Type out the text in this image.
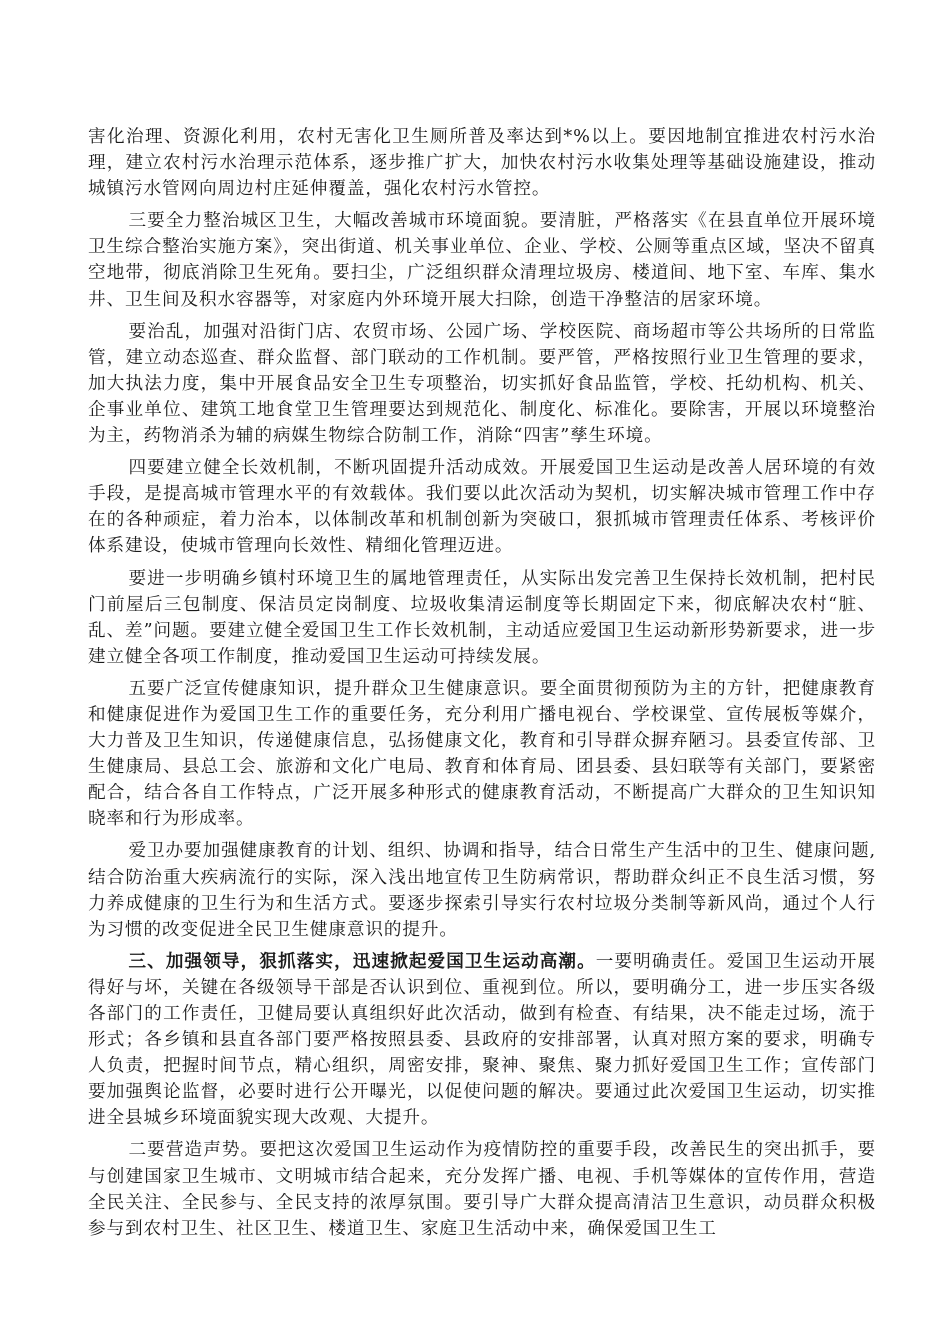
害化治理、资源化利用，农村无害化卫生厕所普及率达到*%以上。要因地制宜推进农村污水治理，建立农村污水治理示范体系，逐步推广扩大，加快农村污水收集处理等基础设施建设，推动城镇污水管网向周边村庄延伸覆盖，强化农村污水管控。

三要全力整治城区卫生，大幅改善城市环境面貌。要清脏，严格落实《在县直单位开展环境卫生综合整治实施方案》，突出街道、机关事业单位、企业、学校、公厕等重点区域，坚决不留真空地带，彻底消除卫生死角。要扫尘，广泛组织群众清理垃圾房、楼道间、地下室、车库、集水井、卫生间及积水容器等，对家庭内外环境开展大扫除，创造干净整洁的居家环境。

要治乱，加强对沿街门店、农贸市场、公园广场、学校医院、商场超市等公共场所的日常监管，建立动态巡查、群众监督、部门联动的工作机制。要严管，严格按照行业卫生管理的要求，加大执法力度，集中开展食品安全卫生专项整治，切实抓好食品监管，学校、托幼机构、机关、企事业单位、建筑工地食堂卫生管理要达到规范化、制度化、标准化。要除害，开展以环境整治为主，药物消杀为辅的病媒生物综合防制工作，消除“四害”孳生环境。

四要建立健全长效机制，不断巩固提升活动成效。开展爱国卫生运动是改善人居环境的有效手段，是提高城市管理水平的有效载体。我们要以此次活动为契机，切实解决城市管理工作中存在的各种顽症，着力治本，以体制改革和机制创新为突破口，狠抓城市管理责任体系、考核评价体系建设，使城市管理向长效性、精细化管理迈进。

要进一步明确乡镇村环境卫生的属地管理责任，从实际出发完善卫生保持长效机制，把村民门前屋后三包制度、保洁员定岗制度、垃圾收集清运制度等长期固定下来，彻底解决农村“脏、乱、差”问题。要建立健全爱国卫生工作长效机制，主动适应爱国卫生运动新形势新要求，进一步建立健全各项工作制度，推动爱国卫生运动可持续发展。

五要广泛宣传健康知识，提升群众卫生健康意识。要全面贯彻预防为主的方针，把健康教育和健康促进作为爱国卫生工作的重要任务，充分利用广播电视台、学校课堂、宣传展板等媒介，大力普及卫生知识，传递健康信息，弘扬健康文化，教育和引导群众摒弃陋习。县委宣传部、卫生健康局、县总工会、旅游和文化广电局、教育和体育局、团县委、县妇联等有关部门，要紧密配合，结合各自工作特点，广泛开展多种形式的健康教育活动，不断提高广大群众的卫生知识知晓率和行为形成率。

爱卫办要加强健康教育的计划、组织、协调和指导，结合日常生产生活中的卫生、健康问题,结合防治重大疾病流行的实际，深入浅出地宣传卫生防病常识，帮助群众纠正不良生活习惯，努力养成健康的卫生行为和生活方式。要逐步探索引导实行农村垃圾分类制等新风尚，通过个人行为习惯的改变促进全民卫生健康意识的提升。

三、加强领导，狠抓落实，迅速掀起爱国卫生运动高潮。一要明确责任。爱国卫生运动开展得好与坏，关键在各级领导干部是否认识到位、重视到位。所以，要明确分工，进一步压实各级各部门的工作责任，卫健局要认真组织好此次活动，做到有检查、有结果，决不能走过场，流于形式；各乡镇和县直各部门要严格按照县委、县政府的安排部署，认真对照方案的要求，明确专人负责，把握时间节点，精心组织，周密安排，聚神、聚焦、聚力抓好爱国卫生工作；宣传部门要加强舆论监督，必要时进行公开曝光，以促使问题的解决。要通过此次爱国卫生运动，切实推进全县城乡环境面貌实现大改观、大提升。

二要营造声势。要把这次爱国卫生运动作为疫情防控的重要手段，改善民生的突出抓手，要与创建国家卫生城市、文明城市结合起来，充分发挥广播、电视、手机等媒体的宣传作用，营造全民关注、全民参与、全民支持的浓厚氛围。要引导广大群众提高清洁卫生意识，动员群众积极参与到农村卫生、社区卫生、楼道卫生、家庭卫生活动中来，确保爱国卫生工
